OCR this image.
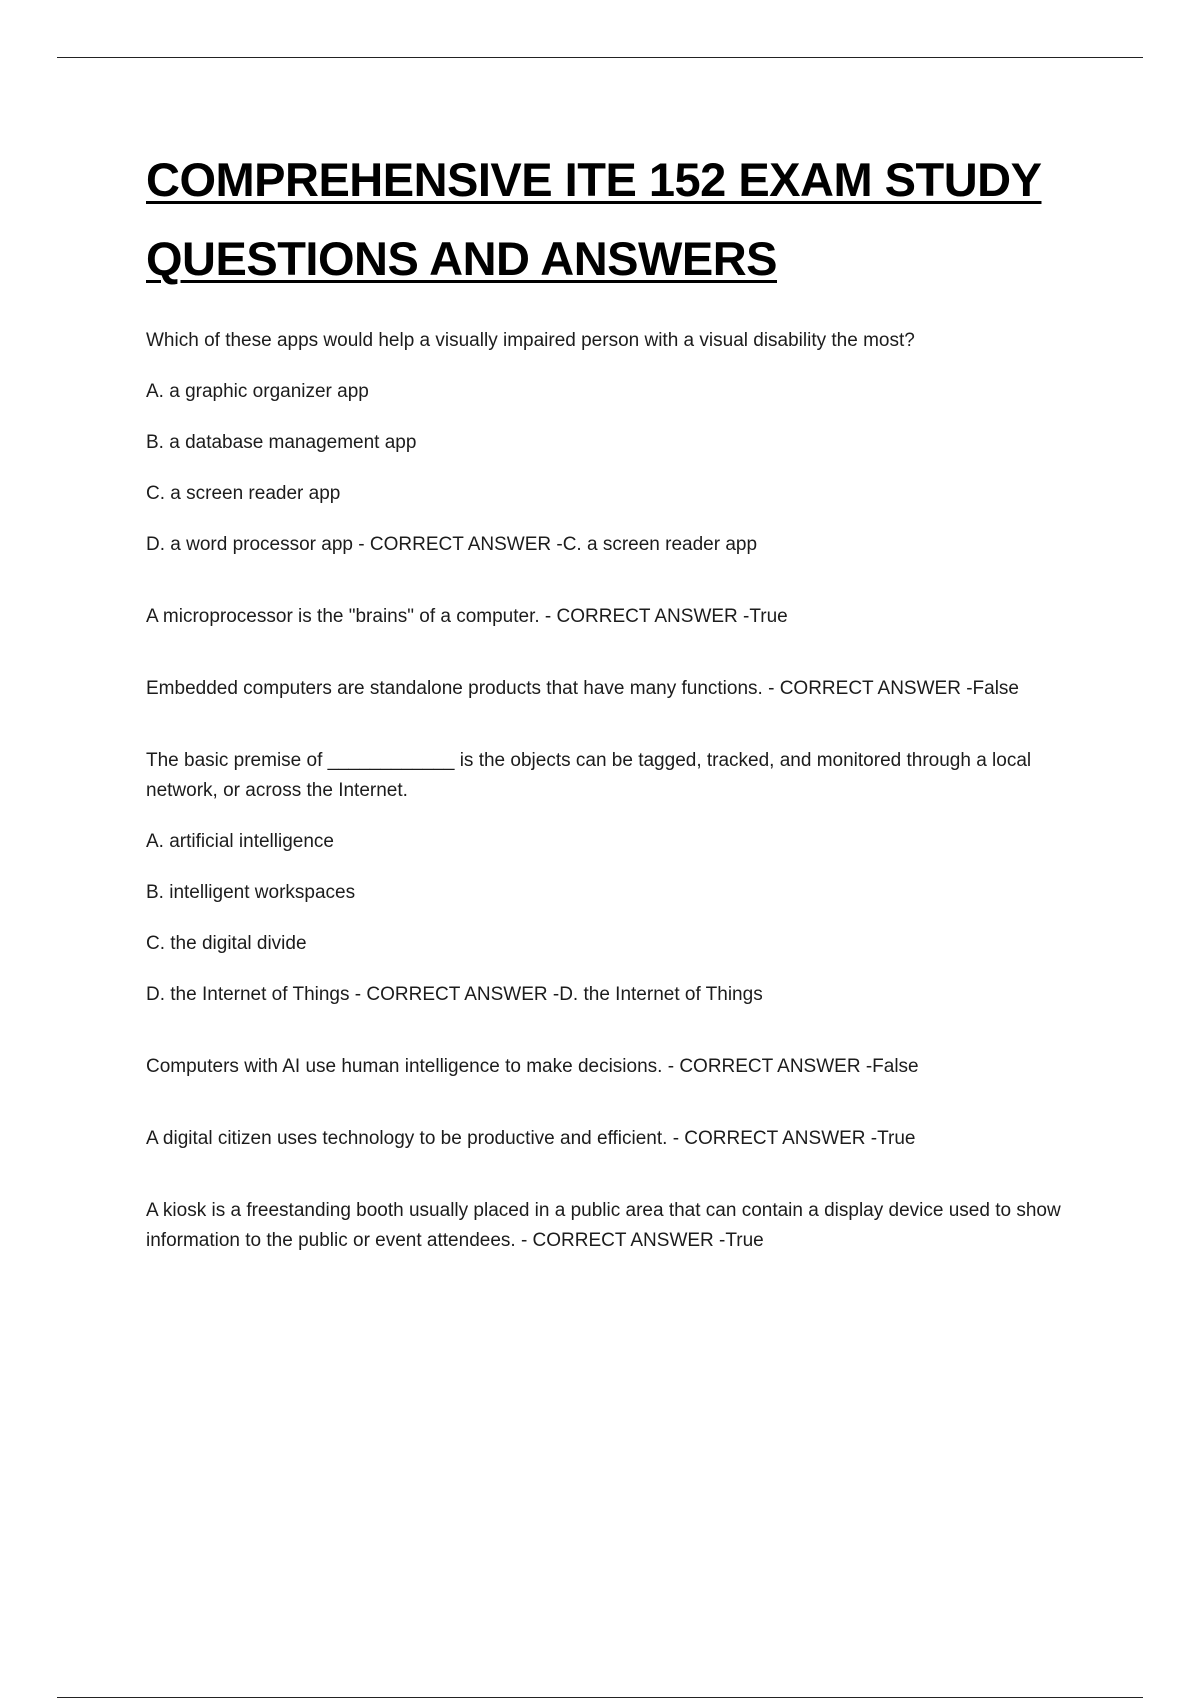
COMPREHENSIVE ITE 152 EXAM STUDY
QUESTIONS AND ANSWERS

Which of these apps would help a visually impaired person with a visual disability the most?

A. a graphic organizer app

B. a database management app

C. a screen reader app

D. a word processor app - CORRECT ANSWER -C. a screen reader app

A microprocessor is the "brains" of a computer. - CORRECT ANSWER -True

Embedded computers are standalone products that have many functions. - CORRECT ANSWER -False

The basic premise of ____________ is the objects can be tagged, tracked, and monitored through a local network, or across the Internet.

A. artificial intelligence

B. intelligent workspaces

C. the digital divide

D. the Internet of Things - CORRECT ANSWER -D. the Internet of Things

Computers with AI use human intelligence to make decisions. - CORRECT ANSWER -False

A digital citizen uses technology to be productive and efficient. - CORRECT ANSWER -True

A kiosk is a freestanding booth usually placed in a public area that can contain a display device used to show information to the public or event attendees. - CORRECT ANSWER -True
